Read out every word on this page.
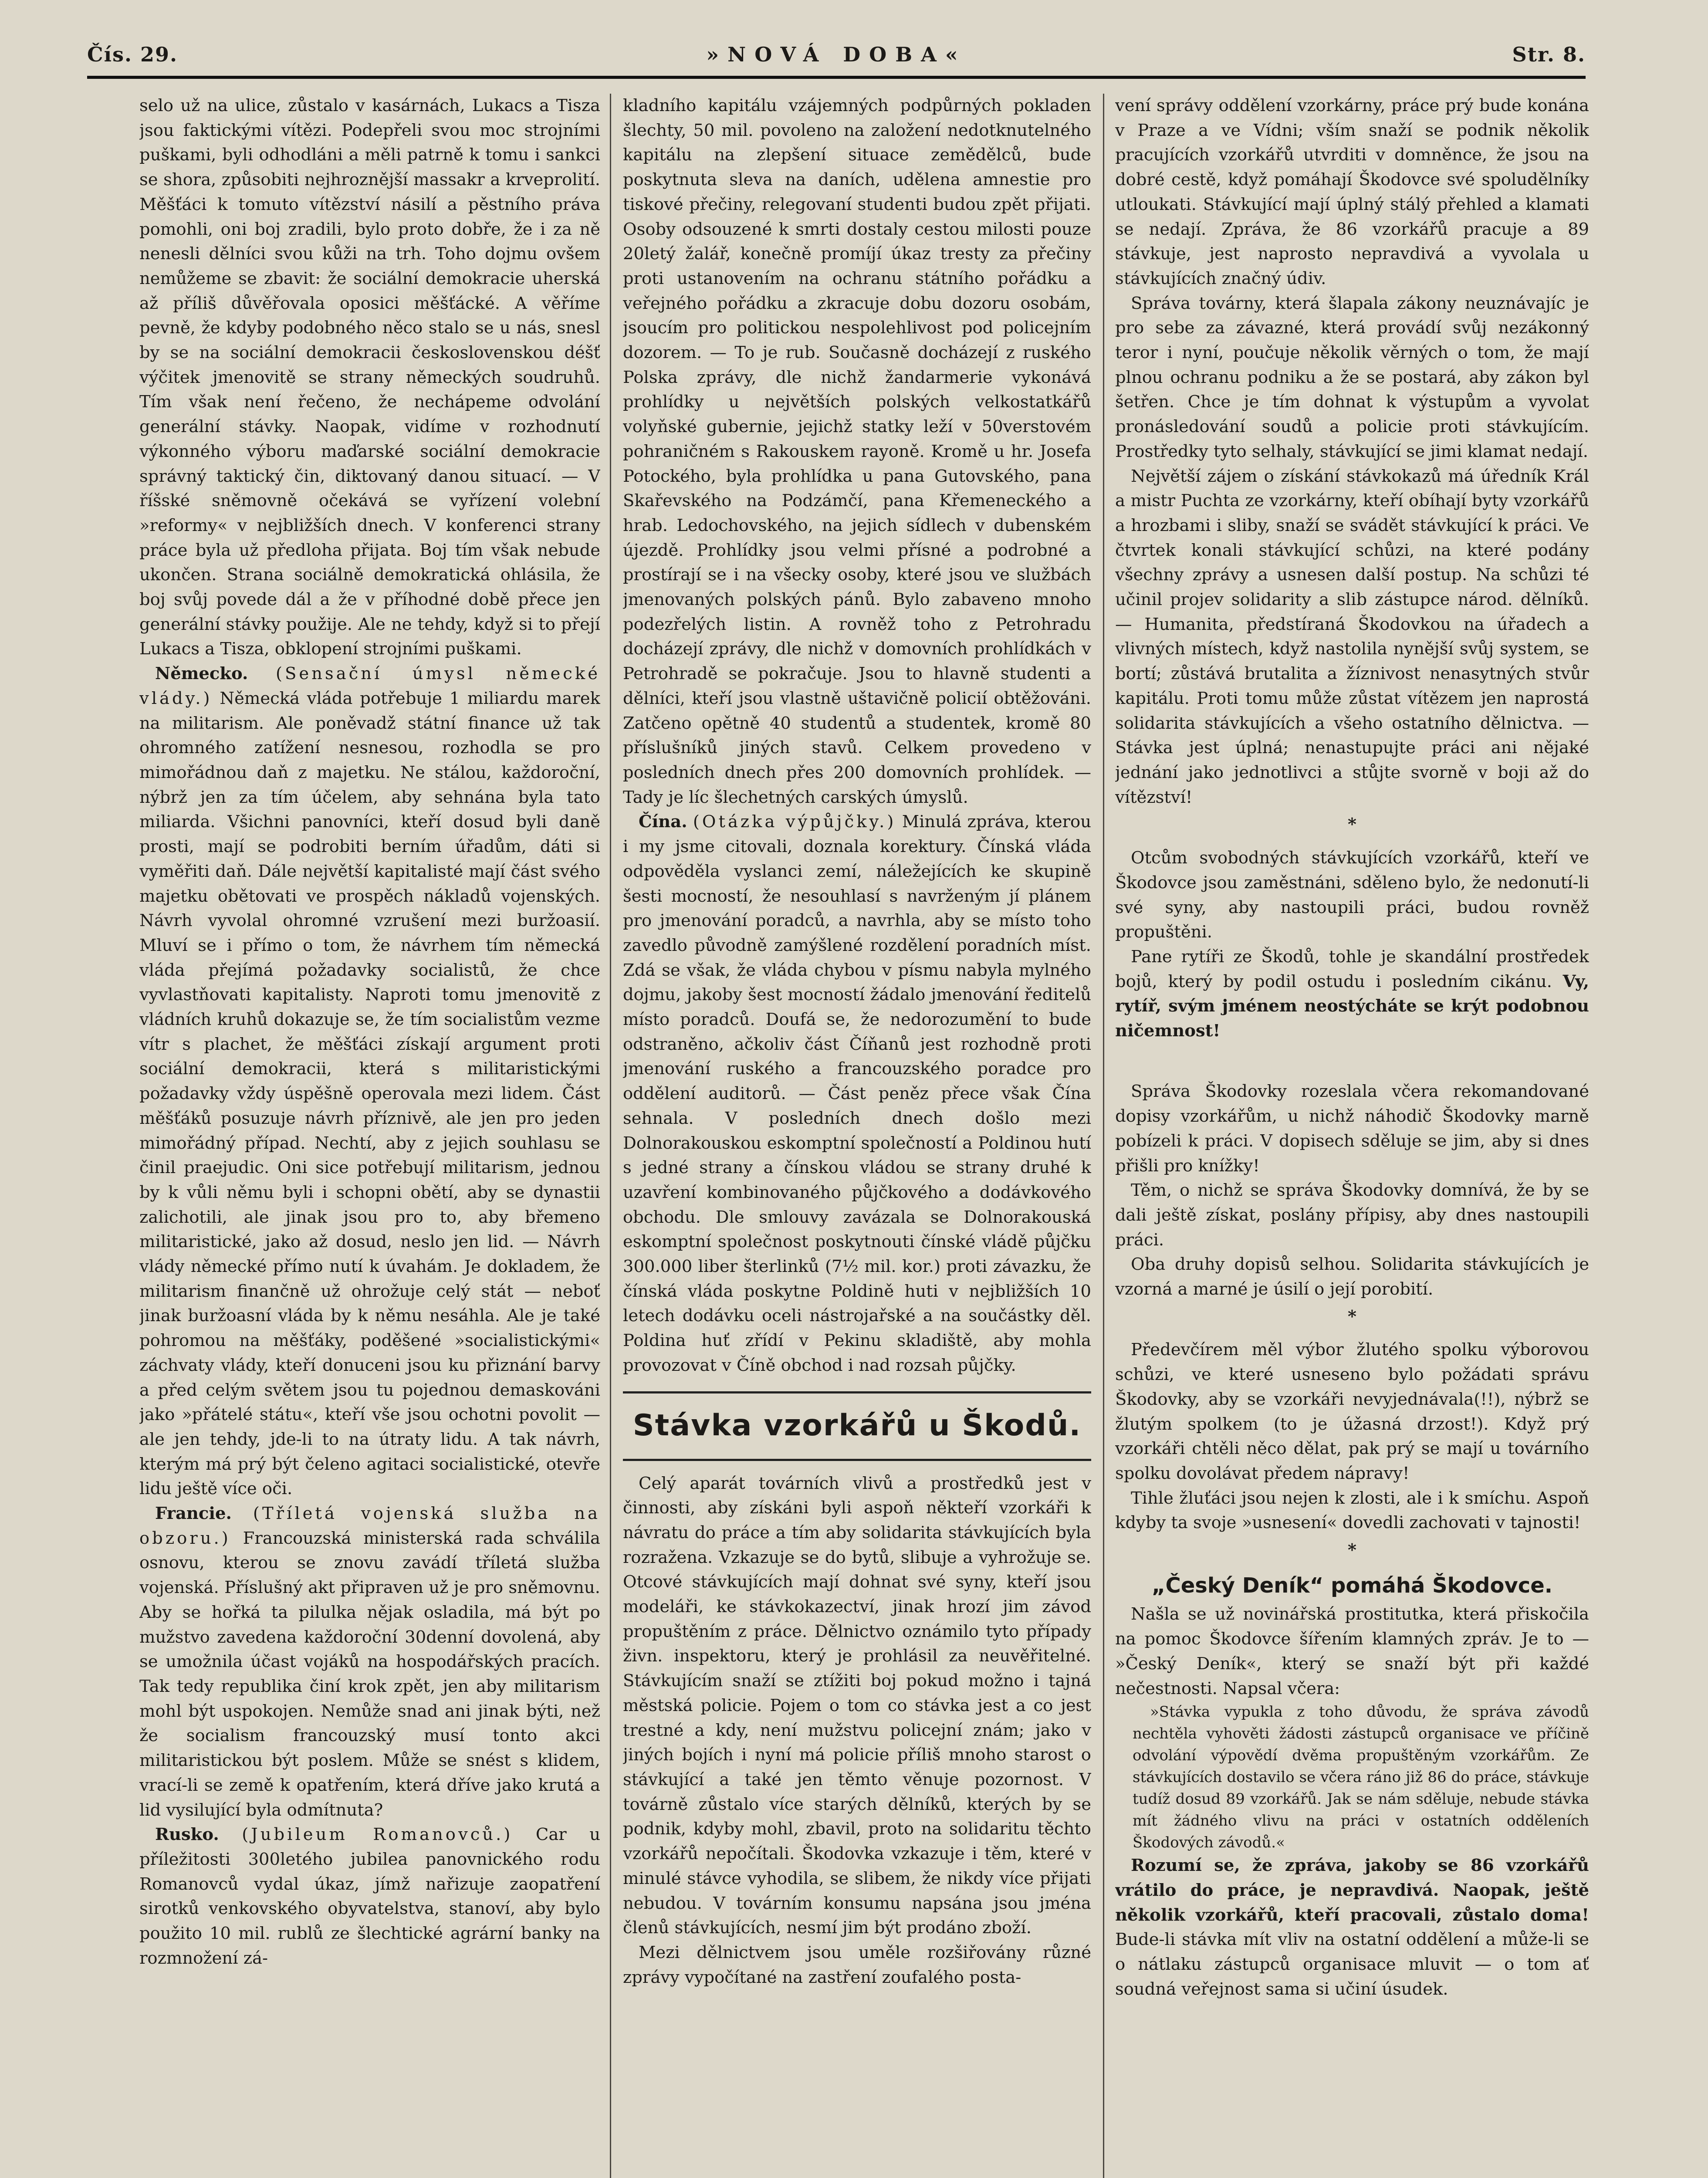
Čís. 29.	»NOVÁ DOBA«	Str. 8.

selo už na ulice, zůstalo v kasárnách, Lukacs a Tisza jsou faktickými vítězi. Podepřeli svou moc strojními puškami, byli odhodláni a měli patrně k tomu i sankci se shora, způsobiti nejhroznější massakr a krveprolití. Měšťáci k tomuto vítězství násilí a pěstního práva pomohli, oni boj zradili, bylo proto dobře, že i za ně nenesli dělníci svou kůži na trh. Toho dojmu ovšem nemůžeme se zbavit: že sociální demokracie uherská až příliš důvěřovala oposici měšťácké. A věříme pevně, že kdyby podobného něco stalo se u nás, snesl by se na sociální demokracii československou déšť výčitek jmenovitě se strany německých soudruhů. Tím však není řečeno, že nechápeme odvolání generální stávky. Naopak, vidíme v rozhodnutí výkonného výboru maďarské sociální demokracie správný taktický čin, diktovaný danou situací. — V říšské sněmovně očekává se vyřízení volební »reformy« v nejbližších dnech. V konferenci strany práce byla už předloha přijata. Boj tím však nebude ukončen. Strana sociálně demokratická ohlásila, že boj svůj povede dál a že v příhodné době přece jen generální stávky použije. Ale ne tehdy, když si to přejí Lukacs a Tisza, obklopení strojními puškami.

Německo. (Sensační úmysl německé vlády.) Německá vláda potřebuje 1 miliardu marek na militarism. Ale poněvadž státní finance už tak ohromného zatížení nesnesou, rozhodla se pro mimořádnou daň z majetku. Ne stálou, každoroční, nýbrž jen za tím účelem, aby sehnána byla tato miliarda. Všichni panovníci, kteří dosud byli daně prosti, mají se podrobiti berním úřadům, dáti si vyměřiti daň. Dále největší kapitalisté mají část svého majetku obětovati ve prospěch nákladů vojenských. Návrh vyvolal ohromné vzrušení mezi buržoasií. Mluví se i přímo o tom, že návrhem tím německá vláda přejímá požadavky socialistů, že chce vyvlastňovati kapitalisty. Naproti tomu jmenovitě z vládních kruhů dokazuje se, že tím socialistům vezme vítr s plachet, že měšťáci získají argument proti sociální demokracii, která s militaristickými požadavky vždy úspěšně operovala mezi lidem. Část měšťáků posuzuje návrh příznivě, ale jen pro jeden mimořádný případ. Nechtí, aby z jejich souhlasu se činil praejudic. Oni sice potřebují militarism, jednou by k vůli němu byli i schopni obětí, aby se dynastii zalichotili, ale jinak jsou pro to, aby břemeno militaristické, jako až dosud, neslo jen lid. — Návrh vlády německé přímo nutí k úvahám. Je dokladem, že militarism finančně už ohrožuje celý stát — neboť jinak buržoasní vláda by k němu nesáhla. Ale je také pohromou na měšťáky, poděšené »socialistickými« záchvaty vlády, kteří donuceni jsou ku přiznání barvy a před celým světem jsou tu pojednou demaskováni jako »přátelé státu«, kteří vše jsou ochotni povolit — ale jen tehdy, jde-li to na útraty lidu. A tak návrh, kterým má prý být čeleno agitaci socialistické, otevře lidu ještě více oči.

Francie. (Tříletá vojenská služba na obzoru.) Francouzská ministerská rada schválila osnovu, kterou se znovu zavádí tříletá služba vojenská. Příslušný akt připraven už je pro sněmovnu. Aby se hořká ta pilulka nějak osladila, má být po mužstvo zavedena každoroční 30denní dovolená, aby se umožnila účast vojáků na hospodářských pracích. Tak tedy republika činí krok zpět, jen aby militarism mohl být uspokojen. Nemůže snad ani jinak býti, než že socialism francouzský musí tonto akci militaristickou být poslem. Může se snést s klidem, vrací-li se země k opatřením, která dříve jako krutá a lid vysilující byla odmítnuta?

Rusko. (Jubileum Romanovců.) Car u příležitosti 300letého jubilea panovnického rodu Romanovců vydal úkaz, jímž nařizuje zaopatření sirotků venkovského obyvatelstva, stanoví, aby bylo použito 10 mil. rublů ze šlechtické agrární banky na rozmnožení zá-

kladního kapitálu vzájemných podpůrných pokladen šlechty, 50 mil. povoleno na založení nedotknutelného kapitálu na zlepšení situace zemědělců, bude poskytnuta sleva na daních, udělena amnestie pro tiskové přečiny, relegovaní studenti budou zpět přijati. Osoby odsouzené k smrti dostaly cestou milosti pouze 20letý žalář, konečně promíjí úkaz tresty za přečiny proti ustanovením na ochranu státního pořádku a veřejného pořádku a zkracuje dobu dozoru osobám, jsoucím pro politickou nespolehlivost pod policejním dozorem. — To je rub. Současně docházejí z ruského Polska zprávy, dle nichž žandarmerie vykonává prohlídky u největších polských velkostatkářů volyňské gubernie, jejichž statky leží v 50verstovém pohraničném s Rakouskem rayoně. Kromě u hr. Josefa Potockého, byla prohlídka u pana Gutovského, pana Skařevského na Podzámčí, pana Křemeneckého a hrab. Ledochovského, na jejich sídlech v dubenském újezdě. Prohlídky jsou velmi přísné a podrobné a prostírají se i na všecky osoby, které jsou ve službách jmenovaných polských pánů. Bylo zabaveno mnoho podezřelých listin. A rovněž toho z Petrohradu docházejí zprávy, dle nichž v domovních prohlídkách v Petrohradě se pokračuje. Jsou to hlavně studenti a dělníci, kteří jsou vlastně uštavičně policií obtěžováni. Zatčeno opětně 40 studentů a studentek, kromě 80 příslušníků jiných stavů. Celkem provedeno v posledních dnech přes 200 domovních prohlídek. — Tady je líc šlechetných carských úmyslů.

Čína. (Otázka výpůjčky.) Minulá zpráva, kterou i my jsme citovali, doznala korektury. Čínská vláda odpověděla vyslanci zemí, náležejících ke skupině šesti mocností, že nesouhlasí s navrženým jí plánem pro jmenování poradců, a navrhla, aby se místo toho zavedlo původně zamýšlené rozdělení poradních míst. Zdá se však, že vláda chybou v písmu nabyla mylného dojmu, jakoby šest mocností žádalo jmenování ředitelů místo poradců. Doufá se, že nedorozumění to bude odstraněno, ačkoliv část Číňanů jest rozhodně proti jmenování ruského a francouzského poradce pro oddělení auditorů. — Část peněz přece však Čína sehnala. V posledních dnech došlo mezi Dolnorakouskou eskomptní společností a Poldinou hutí s jedné strany a čínskou vládou se strany druhé k uzavření kombinovaného půjčkového a dodávkového obchodu. Dle smlouvy zavázala se Dolnorakouská eskomptní společnost poskytnouti čínské vládě půjčku 300.000 liber šterlinků (7½ mil. kor.) proti závazku, že čínská vláda poskytne Poldině huti v nejbližších 10 letech dodávku oceli nástrojařské a na součástky děl. Poldina huť zřídí v Pekinu skladiště, aby mohla provozovat v Číně obchod i nad rozsah půjčky.

Stávka vzorkářů u Škodů.

Celý aparát továrních vlivů a prostředků jest v činnosti, aby získáni byli aspoň někteří vzorkáři k návratu do práce a tím aby solidarita stávkujících byla rozražena. Vzkazuje se do bytů, slibuje a vyhrožuje se. Otcové stávkujících mají dohnat své syny, kteří jsou modeláři, ke stávkokazectví, jinak hrozí jim závod propuštěním z práce. Dělnictvo oznámilo tyto případy živn. inspektoru, který je prohlásil za neuvěřitelné. Stávkujícím snaží se ztížiti boj pokud možno i tajná městská policie. Pojem o tom co stávka jest a co jest trestné a kdy, není mužstvu policejní znám; jako v jiných bojích i nyní má policie příliš mnoho starost o stávkující a také jen těmto věnuje pozornost. V továrně zůstalo více starých dělníků, kterých by se podnik, kdyby mohl, zbavil, proto na solidaritu těchto vzorkářů nepočítali. Škodovka vzkazuje i těm, které v minulé stávce vyhodila, se slibem, že nikdy více přijati nebudou. V továrním konsumu napsána jsou jména členů stávkujících, nesmí jim být prodáno zboží.

Mezi dělnictvem jsou uměle rozšiřovány různé zprávy vypočítané na zastření zoufalého posta-

vení správy oddělení vzorkárny, práce prý bude konána v Praze a ve Vídni; vším snaží se podnik několik pracujících vzorkářů utvrditi v domněnce, že jsou na dobré cestě, když pomáhají Škodovce své spoludělníky utloukati. Stávkující mají úplný stálý přehled a klamati se nedají. Zpráva, že 86 vzorkářů pracuje a 89 stávkuje, jest naprosto nepravdivá a vyvolala u stávkujících značný údiv.

Správa továrny, která šlapala zákony neuznávajíc je pro sebe za závazné, která provádí svůj nezákonný teror i nyní, poučuje několik věrných o tom, že mají plnou ochranu podniku a že se postará, aby zákon byl šetřen. Chce je tím dohnat k výstupům a vyvolat pronásledování soudů a policie proti stávkujícím. Prostředky tyto selhaly, stávkující se jimi klamat nedají.

Největší zájem o získání stávkokazů má úředník Král a mistr Puchta ze vzorkárny, kteří obíhají byty vzorkářů a hrozbami i sliby, snaží se svádět stávkující k práci. Ve čtvrtek konali stávkující schůzi, na které podány všechny zprávy a usnesen další postup. Na schůzi té učinil projev solidarity a slib zástupce národ. dělníků. — Humanita, předstíraná Škodovkou na úřadech a vlivných místech, když nastolila nynější svůj system, se bortí; zůstává brutalita a žíznivost nenasytných stvůr kapitálu. Proti tomu může zůstat vítězem jen naprostá solidarita stávkujících a všeho ostatního dělnictva. — Stávka jest úplná; nenastupujte práci ani nějaké jednání jako jednotlivci a stůjte svorně v boji až do vítězství!

*

Otcům svobodných stávkujících vzorkářů, kteří ve Škodovce jsou zaměstnáni, sděleno bylo, že nedonutí-li své syny, aby nastoupili práci, budou rovněž propuštěni.

Pane rytíři ze Škodů, tohle je skandální prostředek bojů, který by podil ostudu i posledním cikánu. Vy, rytíř, svým jménem neostýcháte se krýt podobnou ničemnost!

Správa Škodovky rozeslala včera rekomandované dopisy vzorkářům, u nichž náhodič Škodovky marně pobízeli k práci. V dopisech sděluje se jim, aby si dnes přišli pro knížky!

Těm, o nichž se správa Škodovky domnívá, že by se dali ještě získat, poslány přípisy, aby dnes nastoupili práci.

Oba druhy dopisů selhou. Solidarita stávkujících je vzorná a marné je úsilí o její porobití.

*

Předevčírem měl výbor žlutého spolku výborovou schůzi, ve které usneseno bylo požádati správu Škodovky, aby se vzorkáři nevyjednávala(!!), nýbrž se žlutým spolkem (to je úžasná drzost!). Když prý vzorkáři chtěli něco dělat, pak prý se mají u továrního spolku dovolávat předem nápravy!

Tihle žluťáci jsou nejen k zlosti, ale i k smíchu. Aspoň kdyby ta svoje »usnesení« dovedli zachovati v tajnosti!

*

„Český Deník“ pomáhá Škodovce.

Našla se už novinářská prostitutka, která přiskočila na pomoc Škodovce šířením klamných zpráv. Je to — »Český Deník«, který se snaží být při každé nečestnosti. Napsal včera:

»Stávka vypukla z toho důvodu, že správa závodů nechtěla vyhověti žádosti zástupců organisace ve příčině odvolání výpovědí dvěma propuštěným vzorkářům. Ze stávkujících dostavilo se včera ráno již 86 do práce, stávkuje tudíž dosud 89 vzorkářů. Jak se nám sděluje, nebude stávka mít žádného vlivu na práci v ostatních odděleních Škodových závodů.«

Rozumí se, že zpráva, jakoby se 86 vzorkářů vrátilo do práce, je nepravdivá. Naopak, ještě několik vzorkářů, kteří pracovali, zůstalo doma! Bude-li stávka mít vliv na ostatní oddělení a může-li se o nátlaku zástupců organisace mluvit — o tom ať soudná veřejnost sama si učiní úsudek.
